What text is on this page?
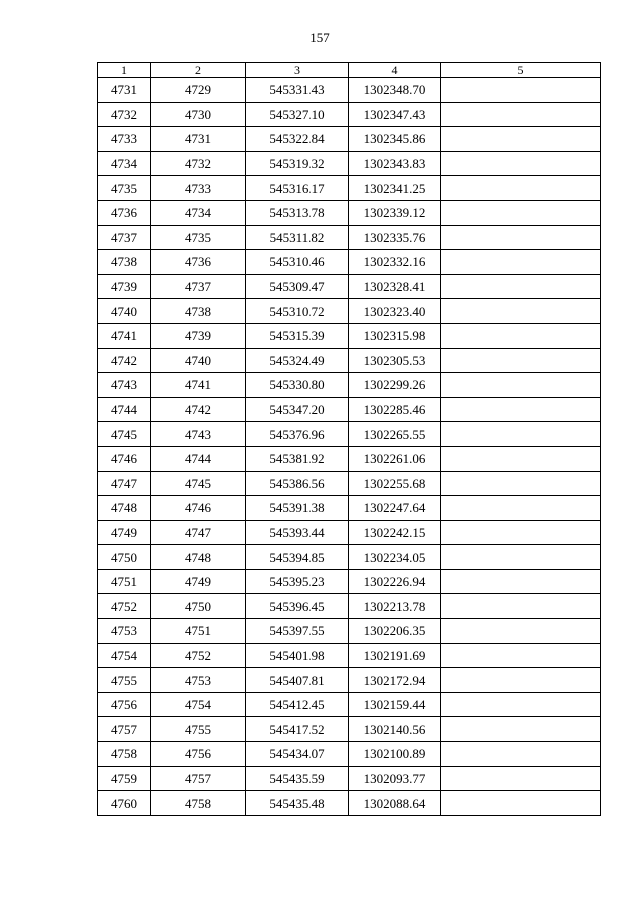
157
1	2	3	4	5
4731	4729	545331.43	1302348.70	
4732	4730	545327.10	1302347.43	
4733	4731	545322.84	1302345.86	
4734	4732	545319.32	1302343.83	
4735	4733	545316.17	1302341.25	
4736	4734	545313.78	1302339.12	
4737	4735	545311.82	1302335.76	
4738	4736	545310.46	1302332.16	
4739	4737	545309.47	1302328.41	
4740	4738	545310.72	1302323.40	
4741	4739	545315.39	1302315.98	
4742	4740	545324.49	1302305.53	
4743	4741	545330.80	1302299.26	
4744	4742	545347.20	1302285.46	
4745	4743	545376.96	1302265.55	
4746	4744	545381.92	1302261.06	
4747	4745	545386.56	1302255.68	
4748	4746	545391.38	1302247.64	
4749	4747	545393.44	1302242.15	
4750	4748	545394.85	1302234.05	
4751	4749	545395.23	1302226.94	
4752	4750	545396.45	1302213.78	
4753	4751	545397.55	1302206.35	
4754	4752	545401.98	1302191.69	
4755	4753	545407.81	1302172.94	
4756	4754	545412.45	1302159.44	
4757	4755	545417.52	1302140.56	
4758	4756	545434.07	1302100.89	
4759	4757	545435.59	1302093.77	
4760	4758	545435.48	1302088.64	
